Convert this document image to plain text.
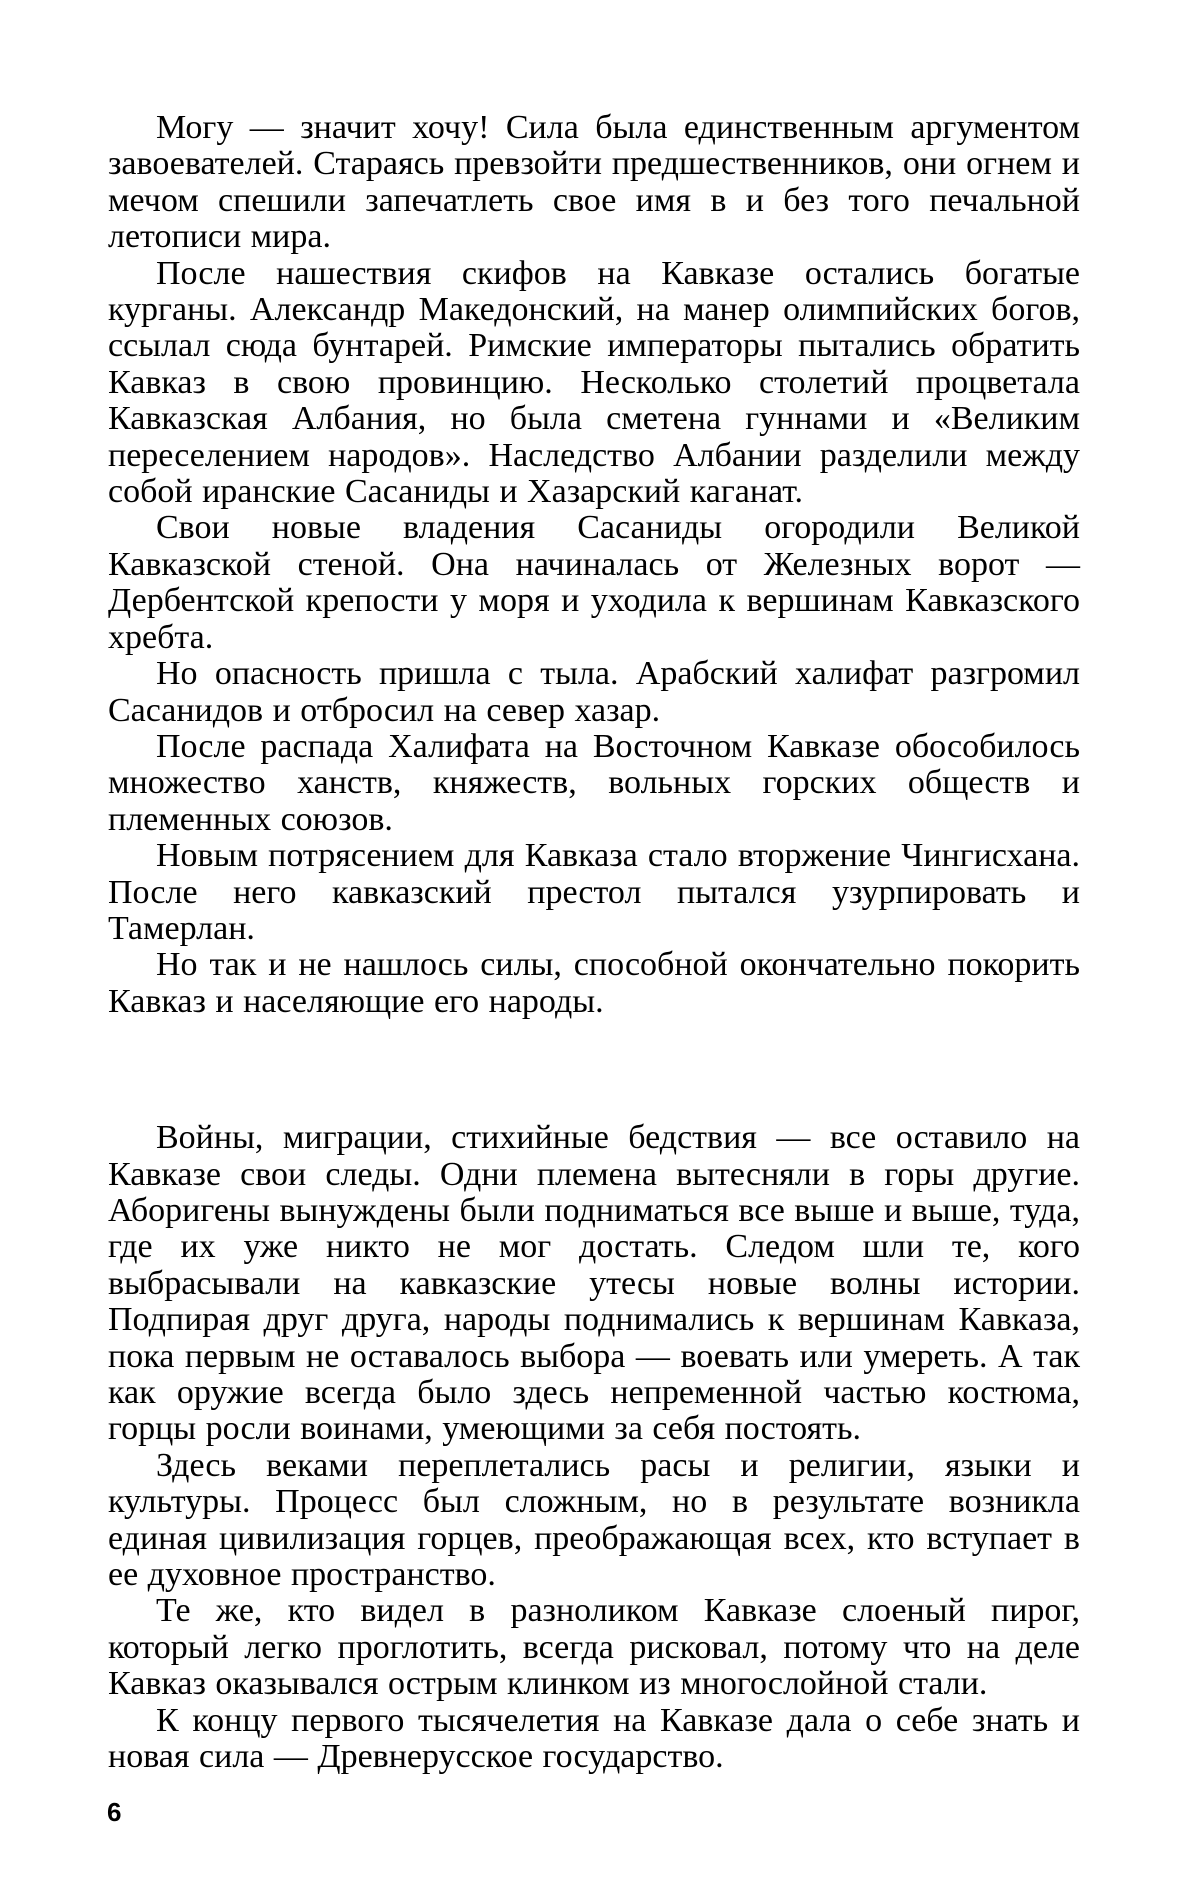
Могу — значит хочу! Сила была единственным аргументом завоевателей. Стараясь превзойти предшественников, они огнем и мечом спешили запечатлеть свое имя в и без того печальной летописи мира.

После нашествия скифов на Кавказе остались богатые курганы. Александр Македонский, на манер олимпийских богов, ссылал сюда бунтарей. Римские императоры пытались обратить Кавказ в свою провинцию. Несколько столетий процветала Кавказская Албания, но была сметена гуннами и «Великим переселением народов». Наследство Албании разделили между собой иранские Сасаниды и Хазарский каганат.

Свои новые владения Сасаниды огородили Великой Кавказской стеной. Она начиналась от Железных ворот — Дербентской крепости у моря и уходила к вершинам Кавказского хребта.

Но опасность пришла с тыла. Арабский халифат разгромил Сасанидов и отбросил на север хазар.

После распада Халифата на Восточном Кавказе обособилось множество ханств, княжеств, вольных горских обществ и племенных союзов.

Новым потрясением для Кавказа стало вторжение Чингисхана. После него кавказский престол пытался узурпировать и Тамерлан.

Но так и не нашлось силы, способной окончательно покорить Кавказ и населяющие его народы.

Войны, миграции, стихийные бедствия — все оставило на Кавказе свои следы. Одни племена вытесняли в горы другие. Аборигены вынуждены были подниматься все выше и выше, туда, где их уже никто не мог достать. Следом шли те, кого выбрасывали на кавказские утесы новые волны истории. Подпирая друг друга, народы поднимались к вершинам Кавказа, пока первым не оставалось выбора — воевать или умереть. А так как оружие всегда было здесь непременной частью костюма, горцы росли воинами, умеющими за себя постоять.

Здесь веками переплетались расы и религии, языки и культуры. Процесс был сложным, но в результате возникла единая цивилизация горцев, преображающая всех, кто вступает в ее духовное пространство.

Те же, кто видел в разноликом Кавказе слоеный пирог, который легко проглотить, всегда рисковал, потому что на деле Кавказ оказывался острым клинком из многослойной стали.

К концу первого тысячелетия на Кавказе дала о себе знать и новая сила — Древнерусское государство.

6
